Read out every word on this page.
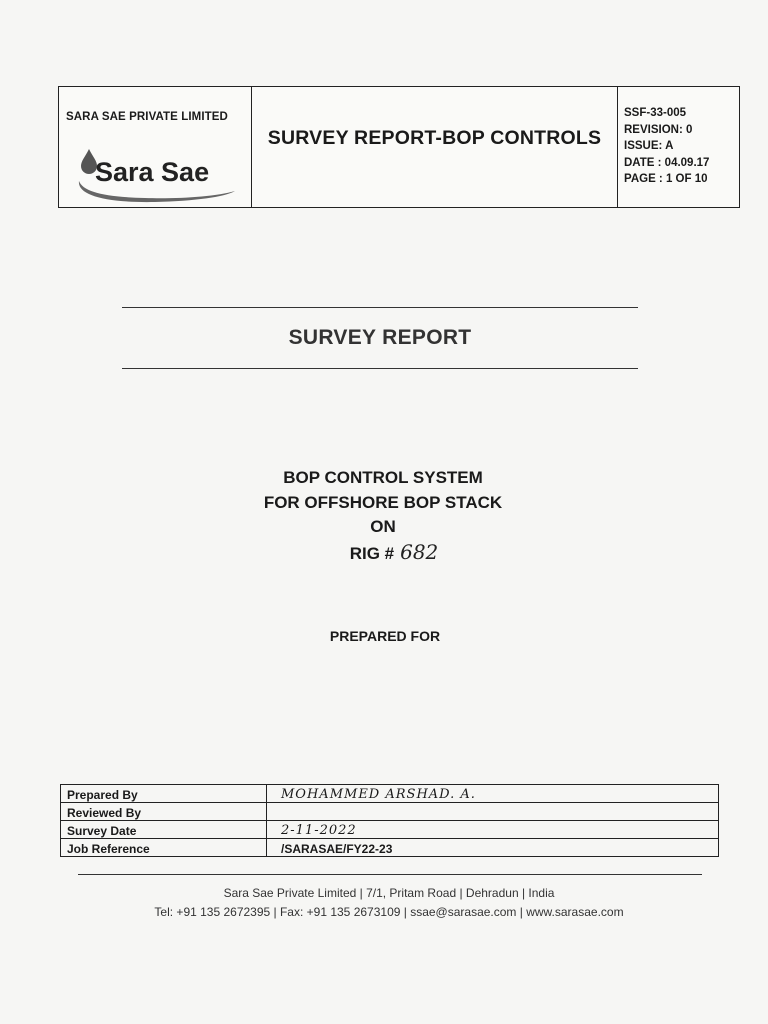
SARA SAE PRIVATE LIMITED
Sara Sae
SURVEY REPORT-BOP CONTROLS
SSF-33-005
REVISION: 0
ISSUE: A
DATE : 04.09.17
PAGE : 1 OF 10
SURVEY REPORT
BOP CONTROL SYSTEM
FOR OFFSHORE BOP STACK
ON
RIG # 682
PREPARED FOR
Prepared By	MOHAMMED ARSHAD. A.
Reviewed By
Survey Date	2-11-2022
Job Reference	/SARASAE/FY22-23
Sara Sae Private Limited | 7/1, Pritam Road | Dehradun | India
Tel: +91 135 2672395 | Fax: +91 135 2673109 | ssae@sarasae.com | www.sarasae.com
